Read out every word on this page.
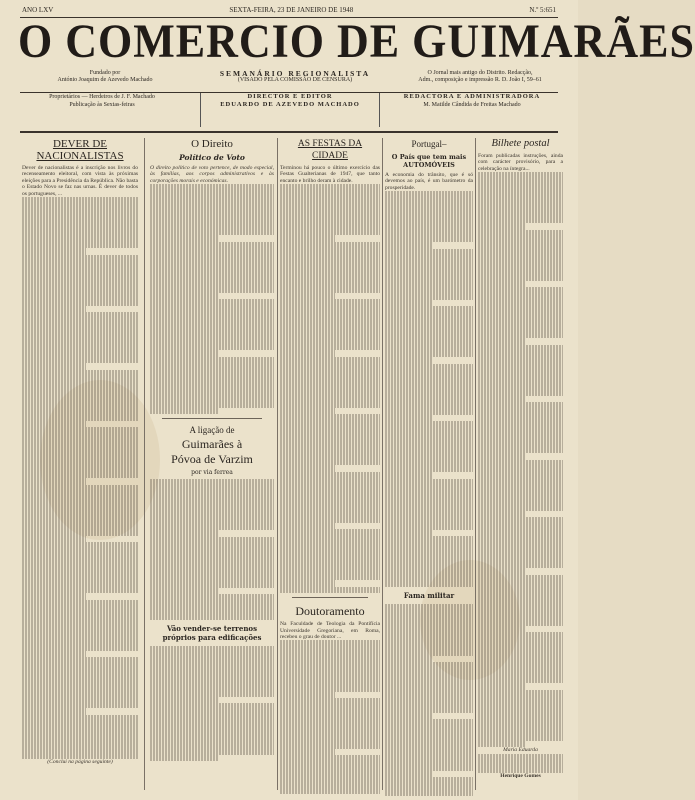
ANO LXV	SEXTA-FEIRA, 23 DE JANEIRO DE 1948	N.º 5:651
O COMERCIO DE GUIMARÃES
Fundado por
António Joaquim de Azevedo Machado
SEMANÁRIO REGIONALISTA
(VISADO PELA COMISSÃO DE CENSURA)
O Jornal mais antigo do Distrito. Redacção,
Adm., composição e impressão R. D. João I, 59–61
Proprietários — Herdeiros de J. F. Machado
Publicação às Sextas-feiras
DIRECTOR E EDITOR
EDUARDO DE AZEVEDO MACHADO
REDACTORA E ADMINISTRADORA
M. Matilde Cândida de Freitas Machado
DEVER DE NACIONALISTAS
Dever de nacionalistas é a inscrição nos livros do recenseamento eleitoral, com vista às próximas eleições para a Presidência da República. Não basta o Estado Novo se faz nas urnas. É dever de todos os portugueses, ...
(Conclui na página seguinte)
O Direito
Político de Voto
O direito político de voto pertence, de modo especial, às famílias, aos corpos administrativos e às corporações morais e económicas.
A ligação de
Guimarães à
Póvoa de Varzim
por via ferrea
Vão vender-se terrenos próprios para edificações
AS FESTAS DA CIDADE
Terminou há pouco o último exercício das Festas Gualterianas de 1947, que tanto encanto e brilho deram à cidade.
Doutoramento
Na Faculdade de Teologia da Pontifícia Universidade Gregoriana, em Roma, recebeu o grau de doutor ...
Portugal–
O País que tem mais
AUTOMÓVEIS
A economia do trânsito, que é só devemos ao país, é um barómetro da prosperidade.
Fama militar
Bilhete postal
Foram publicadas instruções, ainda com carácter provisório, para a celebração na íntegra...
Maria Eduarda
Henrique Gomes
